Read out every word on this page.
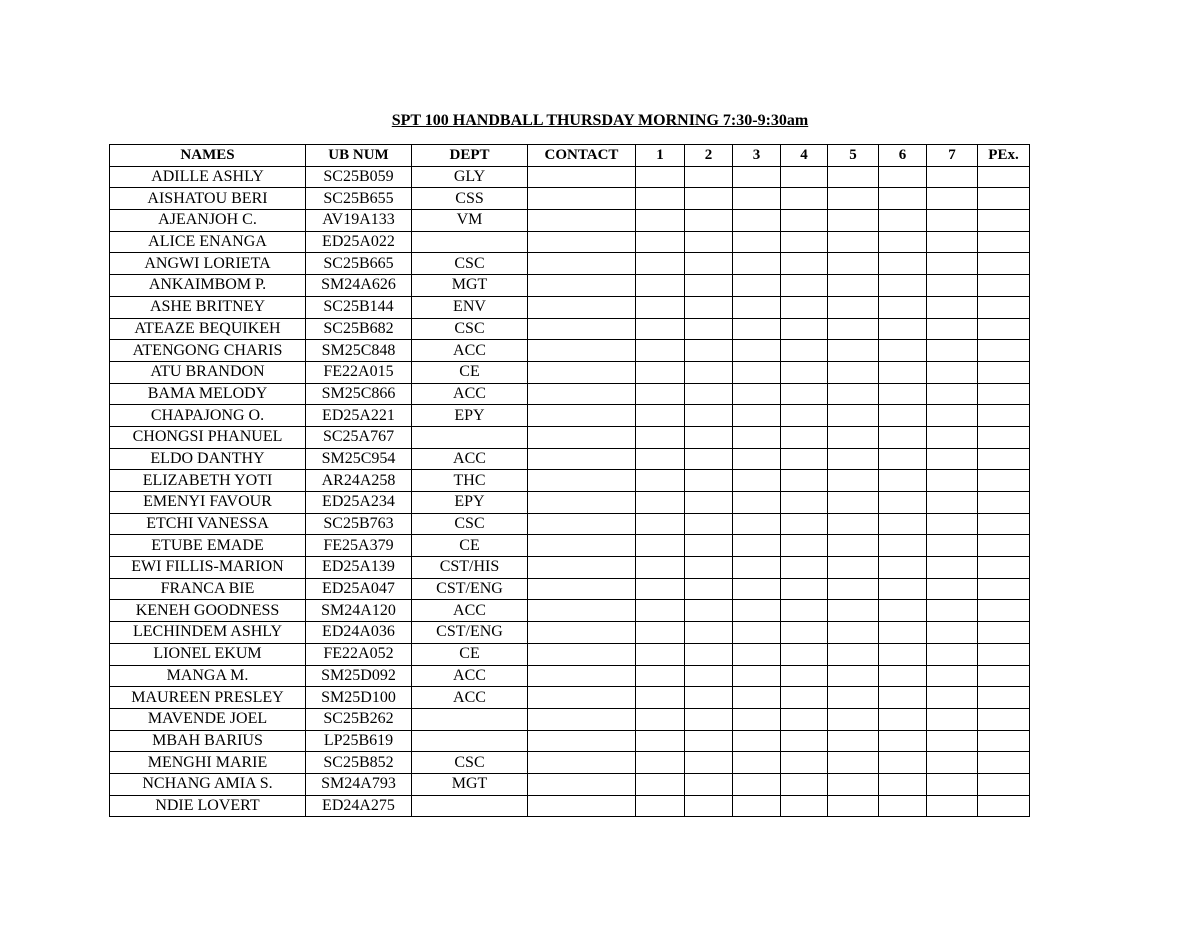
SPT 100 HANDBALL THURSDAY MORNING 7:30-9:30am
NAMES	UB NUM	DEPT	CONTACT	1	2	3	4	5	6	7	PEx.
ADILLE ASHLY	SC25B059	GLY									
AISHATOU BERI	SC25B655	CSS									
AJEANJOH C.	AV19A133	VM									
ALICE ENANGA	ED25A022										
ANGWI LORIETA	SC25B665	CSC									
ANKAIMBOM P.	SM24A626	MGT									
ASHE BRITNEY	SC25B144	ENV									
ATEAZE BEQUIKEH	SC25B682	CSC									
ATENGONG CHARIS	SM25C848	ACC									
ATU BRANDON	FE22A015	CE									
BAMA MELODY	SM25C866	ACC									
CHAPAJONG O.	ED25A221	EPY									
CHONGSI PHANUEL	SC25A767										
ELDO DANTHY	SM25C954	ACC									
ELIZABETH YOTI	AR24A258	THC									
EMENYI FAVOUR	ED25A234	EPY									
ETCHI VANESSA	SC25B763	CSC									
ETUBE EMADE	FE25A379	CE									
EWI FILLIS-MARION	ED25A139	CST/HIS									
FRANCA BIE	ED25A047	CST/ENG									
KENEH GOODNESS	SM24A120	ACC									
LECHINDEM ASHLY	ED24A036	CST/ENG									
LIONEL EKUM	FE22A052	CE									
MANGA M.	SM25D092	ACC									
MAUREEN PRESLEY	SM25D100	ACC									
MAVENDE JOEL	SC25B262										
MBAH BARIUS	LP25B619										
MENGHI MARIE	SC25B852	CSC									
NCHANG AMIA S.	SM24A793	MGT									
NDIE LOVERT	ED24A275										
